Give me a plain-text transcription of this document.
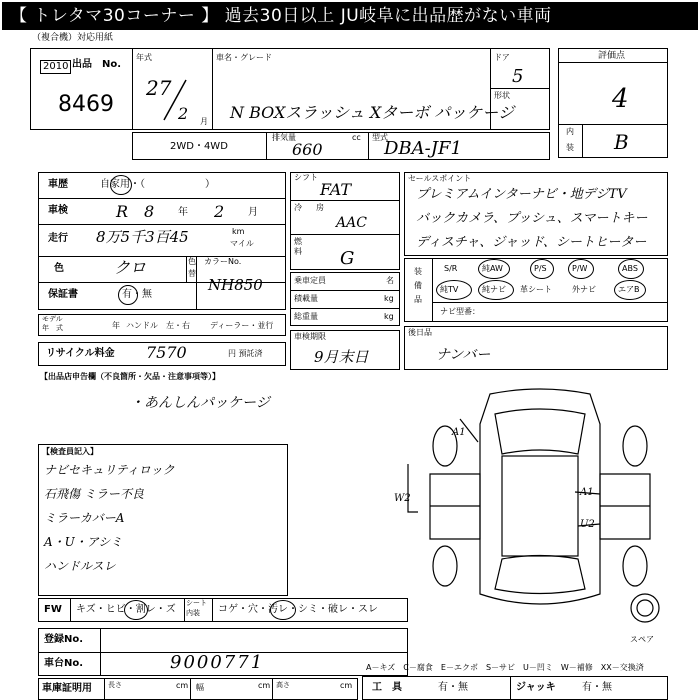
【 トレタマ30コーナー 】 過去30日以上 JU岐阜に出品歴がない車両
（複合機）対応用紙
2010 出品 No.
8469
年式
27
2 月
車名・グレード
N BOXスラッシュ Xターボ パッケージ
ドア
5
形状
評価点
4
内
装 B
2WD・4WD
排気量	cc
660
型式
DBA-JF1
車歴	自家用・（　　　　　　）
車検	R 8 年 2 月
走行 8万5千3百45	km
マイル
色	クロ	色
替
カラーNo.
NH850
保証書	有・無
モデル
年　式	年 ハンドル　左・右	ディーラー・並行
リサイクル料金 7570	円 預託済
シフト
FAT
冷 房
AAC
燃
料 G
乗車定員	名
積載量	kg
総重量	kg
車検期限
9月末日
セールスポイント
プレミアムインターナビ・地デジTV
バックカメラ、プッシュ、スマートキー
ディスチャ、ジャッド、シートヒーター
装
備
品
S/R	純AW	P/S	P/W	ABS
純TV	純ナビ 革シート	外ナビ	エアB
ナビ型番：
後日品
ナンバー
【出品店申告欄（不良箇所・欠品・注意事項等）】
・あんしんパッケージ
【検査員記入】
ナビセキュリティロック
石飛傷 ミラー不良
ミラーカバーA
A・U・アシミ
ハンドルスレ
A1
A1
U2
W2
スペア
FW キズ・ヒビ・割レ・ズ
シート
内装 コゲ・穴・汚レ・シミ・破レ・スレ
登録No.
車台No.	9000771	A－キズ　C－腐食　E－エクボ　S－サビ　U－凹ミ　W－補修　XX－交換済
車庫証明用 長さ	cm 幅	cm 高さ	cm 工　具	有・無	ジャッキ	有・無
